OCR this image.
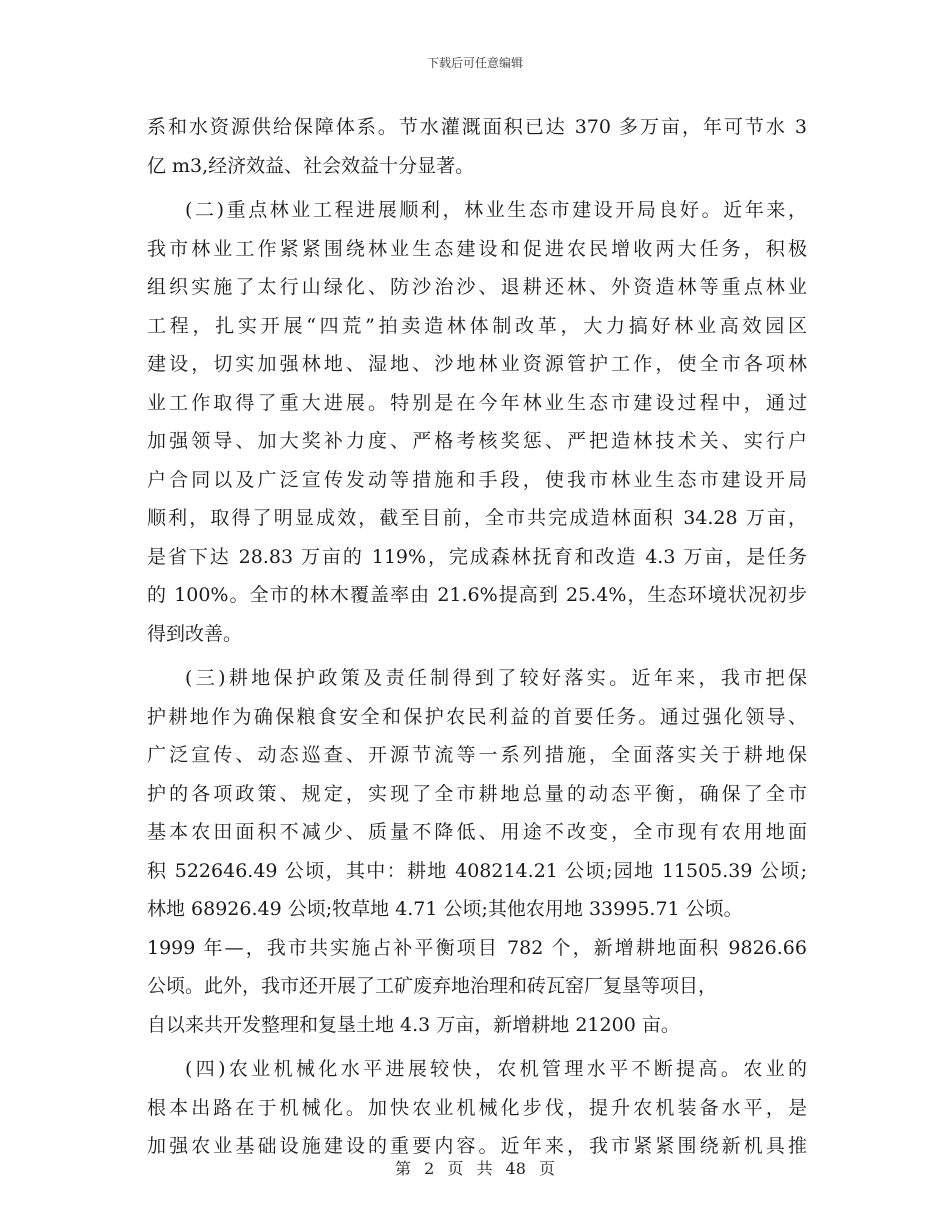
下载后可任意编辑
系和水资源供给保障体系。节水灌溉面积已达 370 多万亩，年可节水 3
亿 m3,经济效益、社会效益十分显著。
(二)重点林业工程进展顺利，林业生态市建设开局良好。近年来，
我市林业工作紧紧围绕林业生态建设和促进农民增收两大任务，积极
组织实施了太行山绿化、防沙治沙、退耕还林、外资造林等重点林业
工程，扎实开展“四荒”拍卖造林体制改革，大力搞好林业高效园区
建设，切实加强林地、湿地、沙地林业资源管护工作，使全市各项林
业工作取得了重大进展。特别是在今年林业生态市建设过程中，通过
加强领导、加大奖补力度、严格考核奖惩、严把造林技术关、实行户
户合同以及广泛宣传发动等措施和手段，使我市林业生态市建设开局
顺利，取得了明显成效，截至目前，全市共完成造林面积 34.28 万亩，
是省下达 28.83 万亩的 119%，完成森林抚育和改造 4.3 万亩，是任务
的 100%。全市的林木覆盖率由 21.6%提高到 25.4%，生态环境状况初步
得到改善。
(三)耕地保护政策及责任制得到了较好落实。近年来，我市把保
护耕地作为确保粮食安全和保护农民利益的首要任务。通过强化领导、
广泛宣传、动态巡查、开源节流等一系列措施，全面落实关于耕地保
护的各项政策、规定，实现了全市耕地总量的动态平衡，确保了全市
基本农田面积不减少、质量不降低、用途不改变，全市现有农用地面
积 522646.49 公顷，其中：耕地 408214.21 公顷;园地 11505.39 公顷;
林地 68926.49 公顷;牧草地 4.71 公顷;其他农用地 33995.71 公顷。
1999 年—，我市共实施占补平衡项目 782 个，新增耕地面积 9826.66
公顷。此外，我市还开展了工矿废弃地治理和砖瓦窑厂复垦等项目，
自以来共开发整理和复垦土地 4.3 万亩，新增耕地 21200 亩。
(四)农业机械化水平进展较快，农机管理水平不断提高。农业的
根本出路在于机械化。加快农业机械化步伐，提升农机装备水平，是
加强农业基础设施建设的重要内容。近年来，我市紧紧围绕新机具推
第 2 页 共 48 页
